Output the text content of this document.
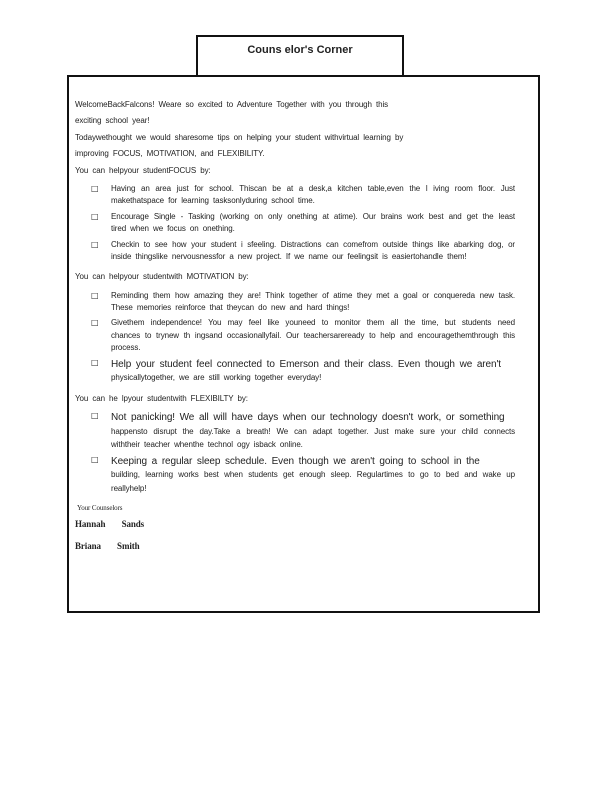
Couns elor's Corner

WelcomeBackFalcons! Weare so excited to Adventure Together with you through this

exciting school year!

Todaywethought we would sharesome tips on helping your student withvirtual learning by

improving FOCUS, MOTIVATION, and FLEXIBILITY.

You can helpyour studentFOCUS by:

□ Having an area just for school. Thiscan be at a desk,a kitchen table,even the l iving room floor. Just makethatspace for learning tasksonlyduring school time.
□ Encourage Single - Tasking (working on only onething at atime). Our brains work best and get the least tired when we focus on onething.
□ Checkin to see how your student i sfeeling. Distractions can comefrom outside things like abarking dog, or inside thingslike nervousnessfor a new project. If we name our feelingsit is easiertohandle them!

You can helpyour studentwith MOTIVATION by:

□ Reminding them how amazing they are! Think together of atime they met a goal or conquereda new task. These memories reinforce that theycan do new and hard things!
□ Givethem independence! You may feel like youneed to monitor them all the time, but students need chances to trynew th ingsand occasionallyfail. Our teachersareready to help and encouragethemthrough this process.
□ Help your student feel connected to Emerson and their class. Even though we aren't
physicallytogether, we are still working together everyday!

You can he lpyour studentwith FLEXIBILTY by:

□ Not panicking! We all will have days when our technology doesn't work, or something
happensto disrupt the day.Take a breath! We can adapt together. Just make sure your child connects withtheir teacher whenthe technol ogy isback online.
□ Keeping a regular sleep schedule. Even though we aren't going to school in the
building, learning works best when students get enough sleep. Regulartimes to go to bed and wake up reallyhelp!
Your Counselors
Hannah Sands
Briana Smith
